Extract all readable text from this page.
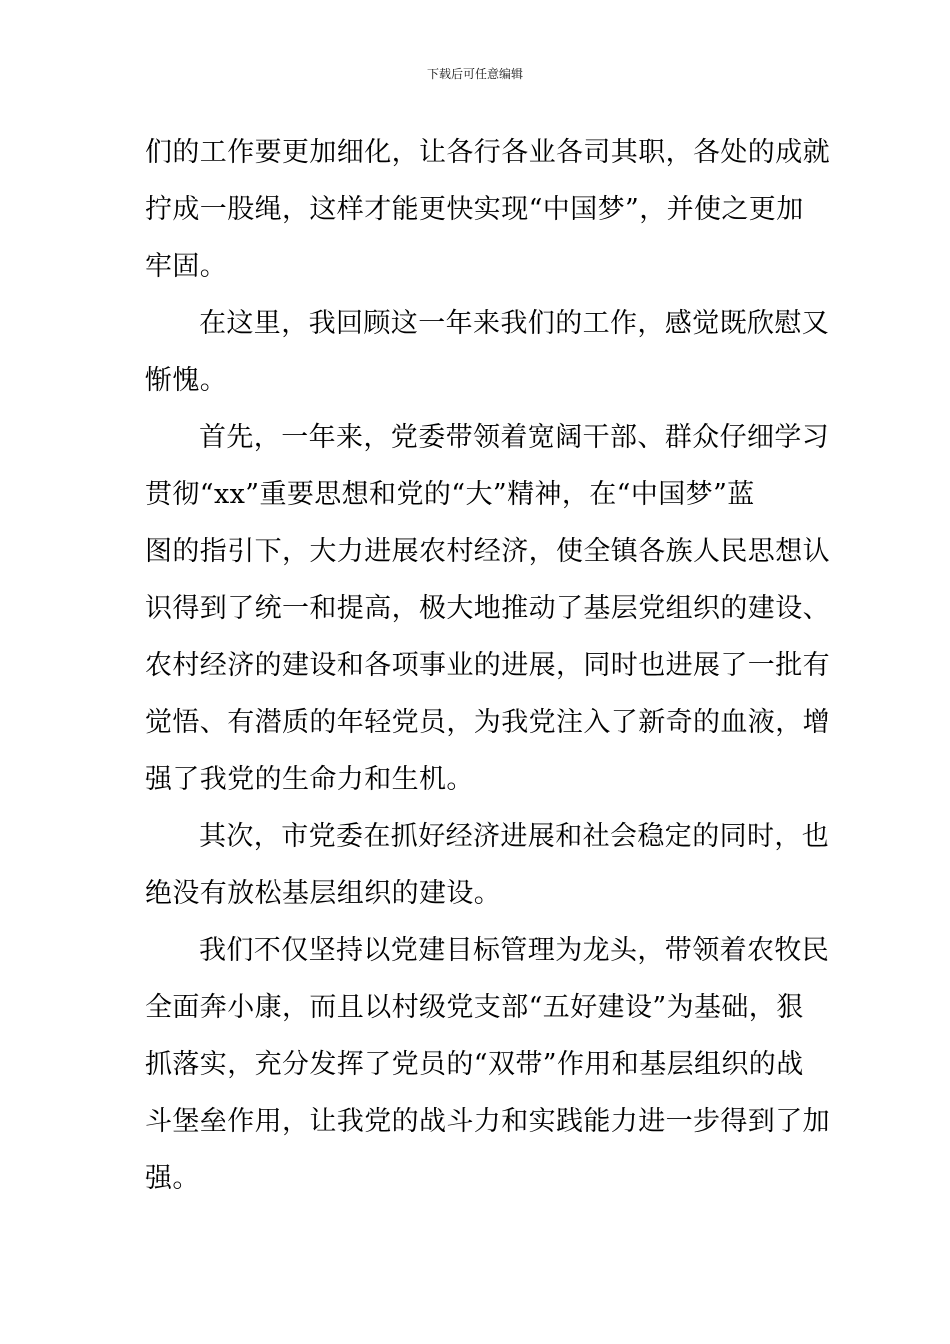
下载后可任意编辑
们的工作要更加细化，让各行各业各司其职，各处的成就
拧成一股绳，这样才能更快实现“中国梦”，并使之更加
牢固。
在这里，我回顾这一年来我们的工作，感觉既欣慰又
惭愧。
首先，一年来，党委带领着宽阔干部、群众仔细学习
贯彻“xx”重要思想和党的“大”精神，在“中国梦”蓝
图的指引下，大力进展农村经济，使全镇各族人民思想认
识得到了统一和提高，极大地推动了基层党组织的建设、
农村经济的建设和各项事业的进展，同时也进展了一批有
觉悟、有潜质的年轻党员，为我党注入了新奇的血液，增
强了我党的生命力和生机。
其次，市党委在抓好经济进展和社会稳定的同时，也
绝没有放松基层组织的建设。
我们不仅坚持以党建目标管理为龙头，带领着农牧民
全面奔小康，而且以村级党支部“五好建设”为基础，狠
抓落实，充分发挥了党员的“双带”作用和基层组织的战
斗堡垒作用，让我党的战斗力和实践能力进一步得到了加
强。
